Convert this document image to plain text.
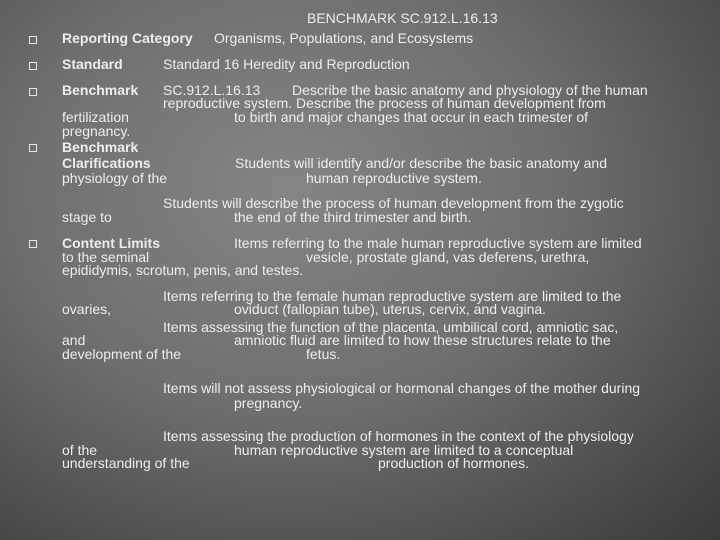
BENCHMARK SC.912.L.16.13
Reporting Category Organisms, Populations, and Ecosystems
Standard	Standard 16 Heredity and Reproduction
Benchmark SC.912.L.16.13 Describe the basic anatomy and physiology of the human
reproductive system. Describe the process of human development from
fertilization	to birth and major changes that occur in each trimester of
pregnancy.
Benchmark
Clarifications	Students will identify and/or describe the basic anatomy and
physiology of the	human reproductive system.
Students will describe the process of human development from the zygotic
stage to	the end of the third trimester and birth.
Content Limits	Items referring to the male human reproductive system are limited
to the seminal	vesicle, prostate gland, vas deferens, urethra,
epididymis, scrotum, penis, and testes.
Items referring to the female human reproductive system are limited to the
ovaries,	oviduct (fallopian tube), uterus, cervix, and vagina.
Items assessing the function of the placenta, umbilical cord, amniotic sac,
and	amniotic fluid are limited to how these structures relate to the
development of the	fetus.
Items will not assess physiological or hormonal changes of the mother during
pregnancy.
Items assessing the production of hormones in the context of the physiology
of the	human reproductive system are limited to a conceptual
understanding of the	production of hormones.
